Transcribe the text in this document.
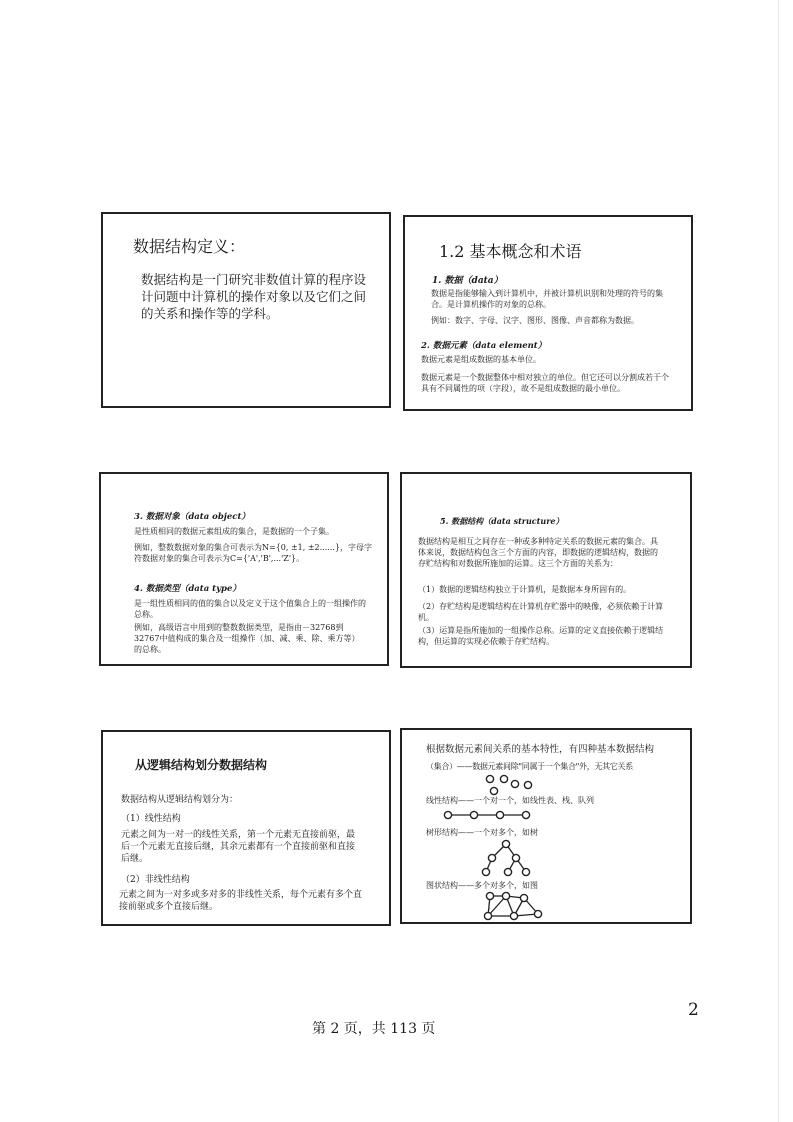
数据结构定义：
数据结构是一门研究非数值计算的程序设计问题中计算机的操作对象以及它们之间的关系和操作等的学科。
1.2 基本概念和术语
1. 数据（data）
数据是指能够输入到计算机中，并被计算机识别和处理的符号的集合。是计算机操作的对象的总称。
例如：数字、字母、汉字、图形、图像、声音都称为数据。
2. 数据元素（data element）
数据元素是组成数据的基本单位。
数据元素是一个数据整体中相对独立的单位。但它还可以分割成若干个具有不同属性的项（字段），故不是组成数据的最小单位。
3. 数据对象（data object）
是性质相同的数据元素组成的集合，是数据的一个子集。
例如，整数数据对象的集合可表示为N={0, ±1, ±2......}，字母字符数据对象的集合可表示为C={'A','B',...'Z'}。
4. 数据类型（data type）
是一组性质相同的值的集合以及定义于这个值集合上的一组操作的总称。
例如，高级语言中用到的整数数据类型，是指由－32768到32767中值构成的集合及一组操作（加、减、乘、除、乘方等）的总称。
5. 数据结构（data structure）
数据结构是相互之间存在一种或多种特定关系的数据元素的集合。具体来说，数据结构包含三个方面的内容，即数据的逻辑结构，数据的存贮结构和对数据所施加的运算。这三个方面的关系为：
（1）数据的逻辑结构独立于计算机，是数据本身所固有的。
（2）存贮结构是逻辑结构在计算机存贮器中的映像，必须依赖于计算机。
（3）运算是指所施加的一组操作总称。运算的定义直接依赖于逻辑结构，但运算的实现必依赖于存贮结构。
从逻辑结构划分数据结构
数据结构从逻辑结构划分为：
（1）线性结构
元素之间为一对一的线性关系，第一个元素无直接前驱，最后一个元素无直接后继，其余元素都有一个直接前驱和直接后继。
（2）非线性结构
元素之间为一对多或多对多的非线性关系，每个元素有多个直接前驱或多个直接后继。
根据数据元素间关系的基本特性，有四种基本数据结构
（集合）——数据元素间除"同属于一个集合"外，无其它关系
线性结构——一个对一个，如线性表、栈、队列
树形结构——一个对多个，如树
图状结构——多个对多个，如图
2
第 2 页，共 113 页
